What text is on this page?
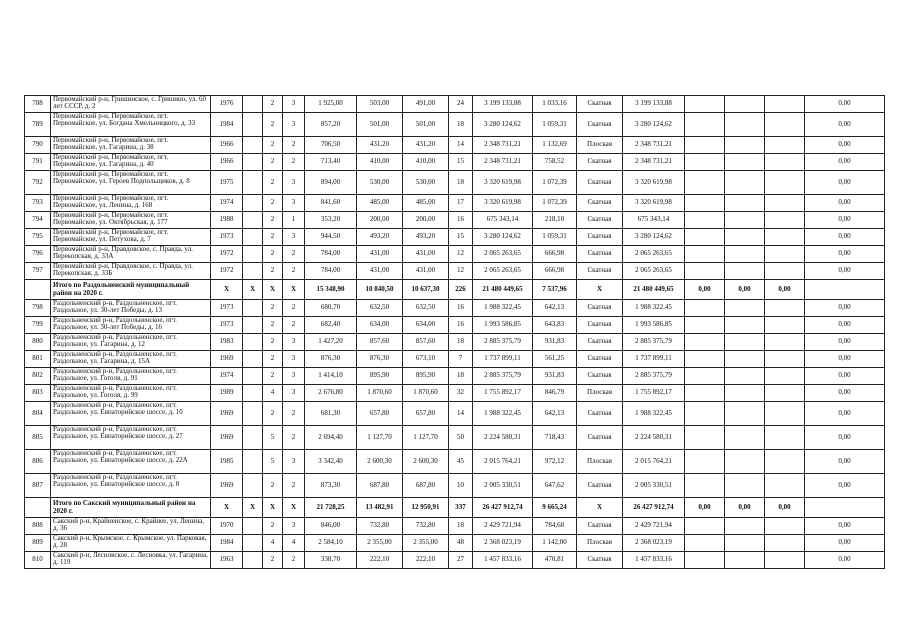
788	Первомайский р-н, Гришинское, с. Гришино, ул. 60 лет СССР, д. 2	1976		2	3	1 925,00	503,00	491,00	24	3 199 133,88	1 033,16	Скатная	3 199 133,88				0,00
789	Первомайский р-н, Первомайское, пгт. Первомайское, ул. Богдана Хмельницкого, д. 33	1984		2	3	857,20	501,00	501,00	18	3 280 124,62	1 059,31	Скатная	3 280 124,62				0,00
790	Первомайский р-н, Первомайское, пгт. Первомайское, ул. Гагарина, д. 38	1966		2	2	706,50	431,20	431,20	14	2 348 731,21	1 132,69	Плоская	2 348 731,21				0,00
791	Первомайский р-н, Первомайское, пгт. Первомайское, ул. Гагарина, д. 40	1966		2	2	713,40	410,00	410,00	15	2 348 731,21	758,52	Скатная	2 348 731,21				0,00
792	Первомайский р-н, Первомайское, пгт. Первомайское, ул. Героев Подпольщиков, д. 8	1975		2	3	894,00	530,00	530,00	18	3 320 619,98	1 072,39	Скатная	3 320 619,98				0,00
793	Первомайский р-н, Первомайское, пгт. Первомайское, ул. Ленина, д. 168	1974		2	3	841,60	485,00	485,00	17	3 320 619,98	1 072,39	Скатная	3 320 619,98				0,00
794	Первомайский р-н, Первомайское, пгт. Первомайское, ул. Октябрьская, д. 177	1988		2	1	353,20	200,00	200,00	16	675 343,14	218,10	Скатная	675 343,14				0,00
795	Первомайский р-н, Первомайское, пгт. Первомайское, ул. Петухова, д. 7	1973		2	3	944,50	493,20	493,20	15	3 280 124,62	1 059,31	Скатная	3 280 124,62				0,00
796	Первомайский р-н, Правдовское, с. Правда, ул. Перекопская, д. 33А	1972		2	2	784,00	431,00	431,00	12	2 065 263,65	666,98	Скатная	2 065 263,65				0,00
797	Первомайский р-н, Правдовское, с. Правда, ул. Перекопская, д. 33Б	1972		2	2	784,00	431,00	431,00	12	2 065 263,65	666,98	Скатная	2 065 263,65				0,00
	Итого по Раздольненский муниципальный район на 2020 г.	X	X	X	X	15 348,90	10 840,50	10 637,30	226	21 480 449,65	7 537,96	X	21 480 449,65	0,00	0,00	0,00	
798	Раздольненский р-н, Раздольненское, пгт. Раздольное, ул. 30-лет Победы, д. 13	1973		2	2	680,70	632,50	632,50	16	1 988 322,45	642,13	Скатная	1 988 322,45				0,00
799	Раздольненский р-н, Раздольненское, пгт. Раздольное, ул. 30-лет Победы, д. 16	1973		2	2	682,40	634,00	634,00	16	1 993 586,85	643,83	Скатная	1 993 586,85				0,00
800	Раздольненский р-н, Раздольненское, пгт. Раздольное, ул. Гагарина, д. 12	1983		2	3	1 427,20	857,60	857,60	18	2 885 375,79	931,83	Скатная	2 885 375,79				0,00
801	Раздольненский р-н, Раздольненское, пгт. Раздольное, ул. Гагарина, д. 15А	1969		2	3	876,30	876,30	673,10	7	1 737 899,11	561,25	Скатная	1 737 899,11				0,00
802	Раздольненский р-н, Раздольненское, пгт. Раздольное, ул. Гоголя, д. 91	1974		2	3	1 414,10	895,90	895,90	18	2 885 375,79	931,83	Скатная	2 885 375,79				0,00
803	Раздольненский р-н, Раздольненское, пгт. Раздольное, ул. Гоголя, д. 99	1989		4	3	2 676,80	1 870,60	1 870,60	32	1 755 892,17	846,79	Плоская	1 755 892,17				0,00
804	Раздольненский р-н, Раздольненское, пгт. Раздольное, ул. Евпаторийское шоссе, д. 10	1969		2	2	681,30	657,80	657,80	14	1 988 322,45	642,13	Скатная	1 988 322,45				0,00
805	Раздольненский р-н, Раздольненское, пгт. Раздольное, ул. Евпаторийское шоссе, д. 27	1969		5	2	2 694,40	1 127,70	1 127,70	50	2 224 580,31	718,43	Скатная	2 224 580,31				0,00
806	Раздольненский р-н, Раздольненское, пгт. Раздольное, ул. Евпаторийское шоссе, д. 22А	1985		5	3	3 342,40	2 600,30	2 600,30	45	2 015 764,21	972,12	Плоская	2 015 764,21				0,00
807	Раздольненский р-н, Раздольненское, пгт. Раздольное, ул. Евпаторийское шоссе, д. 8	1969		2	2	873,30	687,80	687,80	10	2 005 330,51	647,62	Скатная	2 005 330,51				0,00
	Итого по Сакский муниципальный район на 2020 г.	X	X	X	X	21 728,25	13 482,91	12 950,91	337	26 427 912,74	9 665,24	X	26 427 912,74	0,00	0,00	0,00	
808	Сакский р-н, Крайненское, с. Крайнее, ул. Ленина, д. 36	1970		2	3	846,00	732,80	732,80	18	2 429 721,94	784,68	Скатная	2 429 721,94				0,00
809	Сакский р-н, Крымское, с. Крымское, ул. Парковая, д. 28	1984		4	4	2 584,10	2 355,00	2 355,00	48	2 368 023,19	1 142,00	Плоская	2 368 023,19				0,00
810	Сакский р-н, Лесновское, с. Лесновка, ул. Гагарина, д. 119	1963		2	2	338,70	222,10	222,10	27	1 457 833,16	470,81	Скатная	1 457 833,16				0,00
